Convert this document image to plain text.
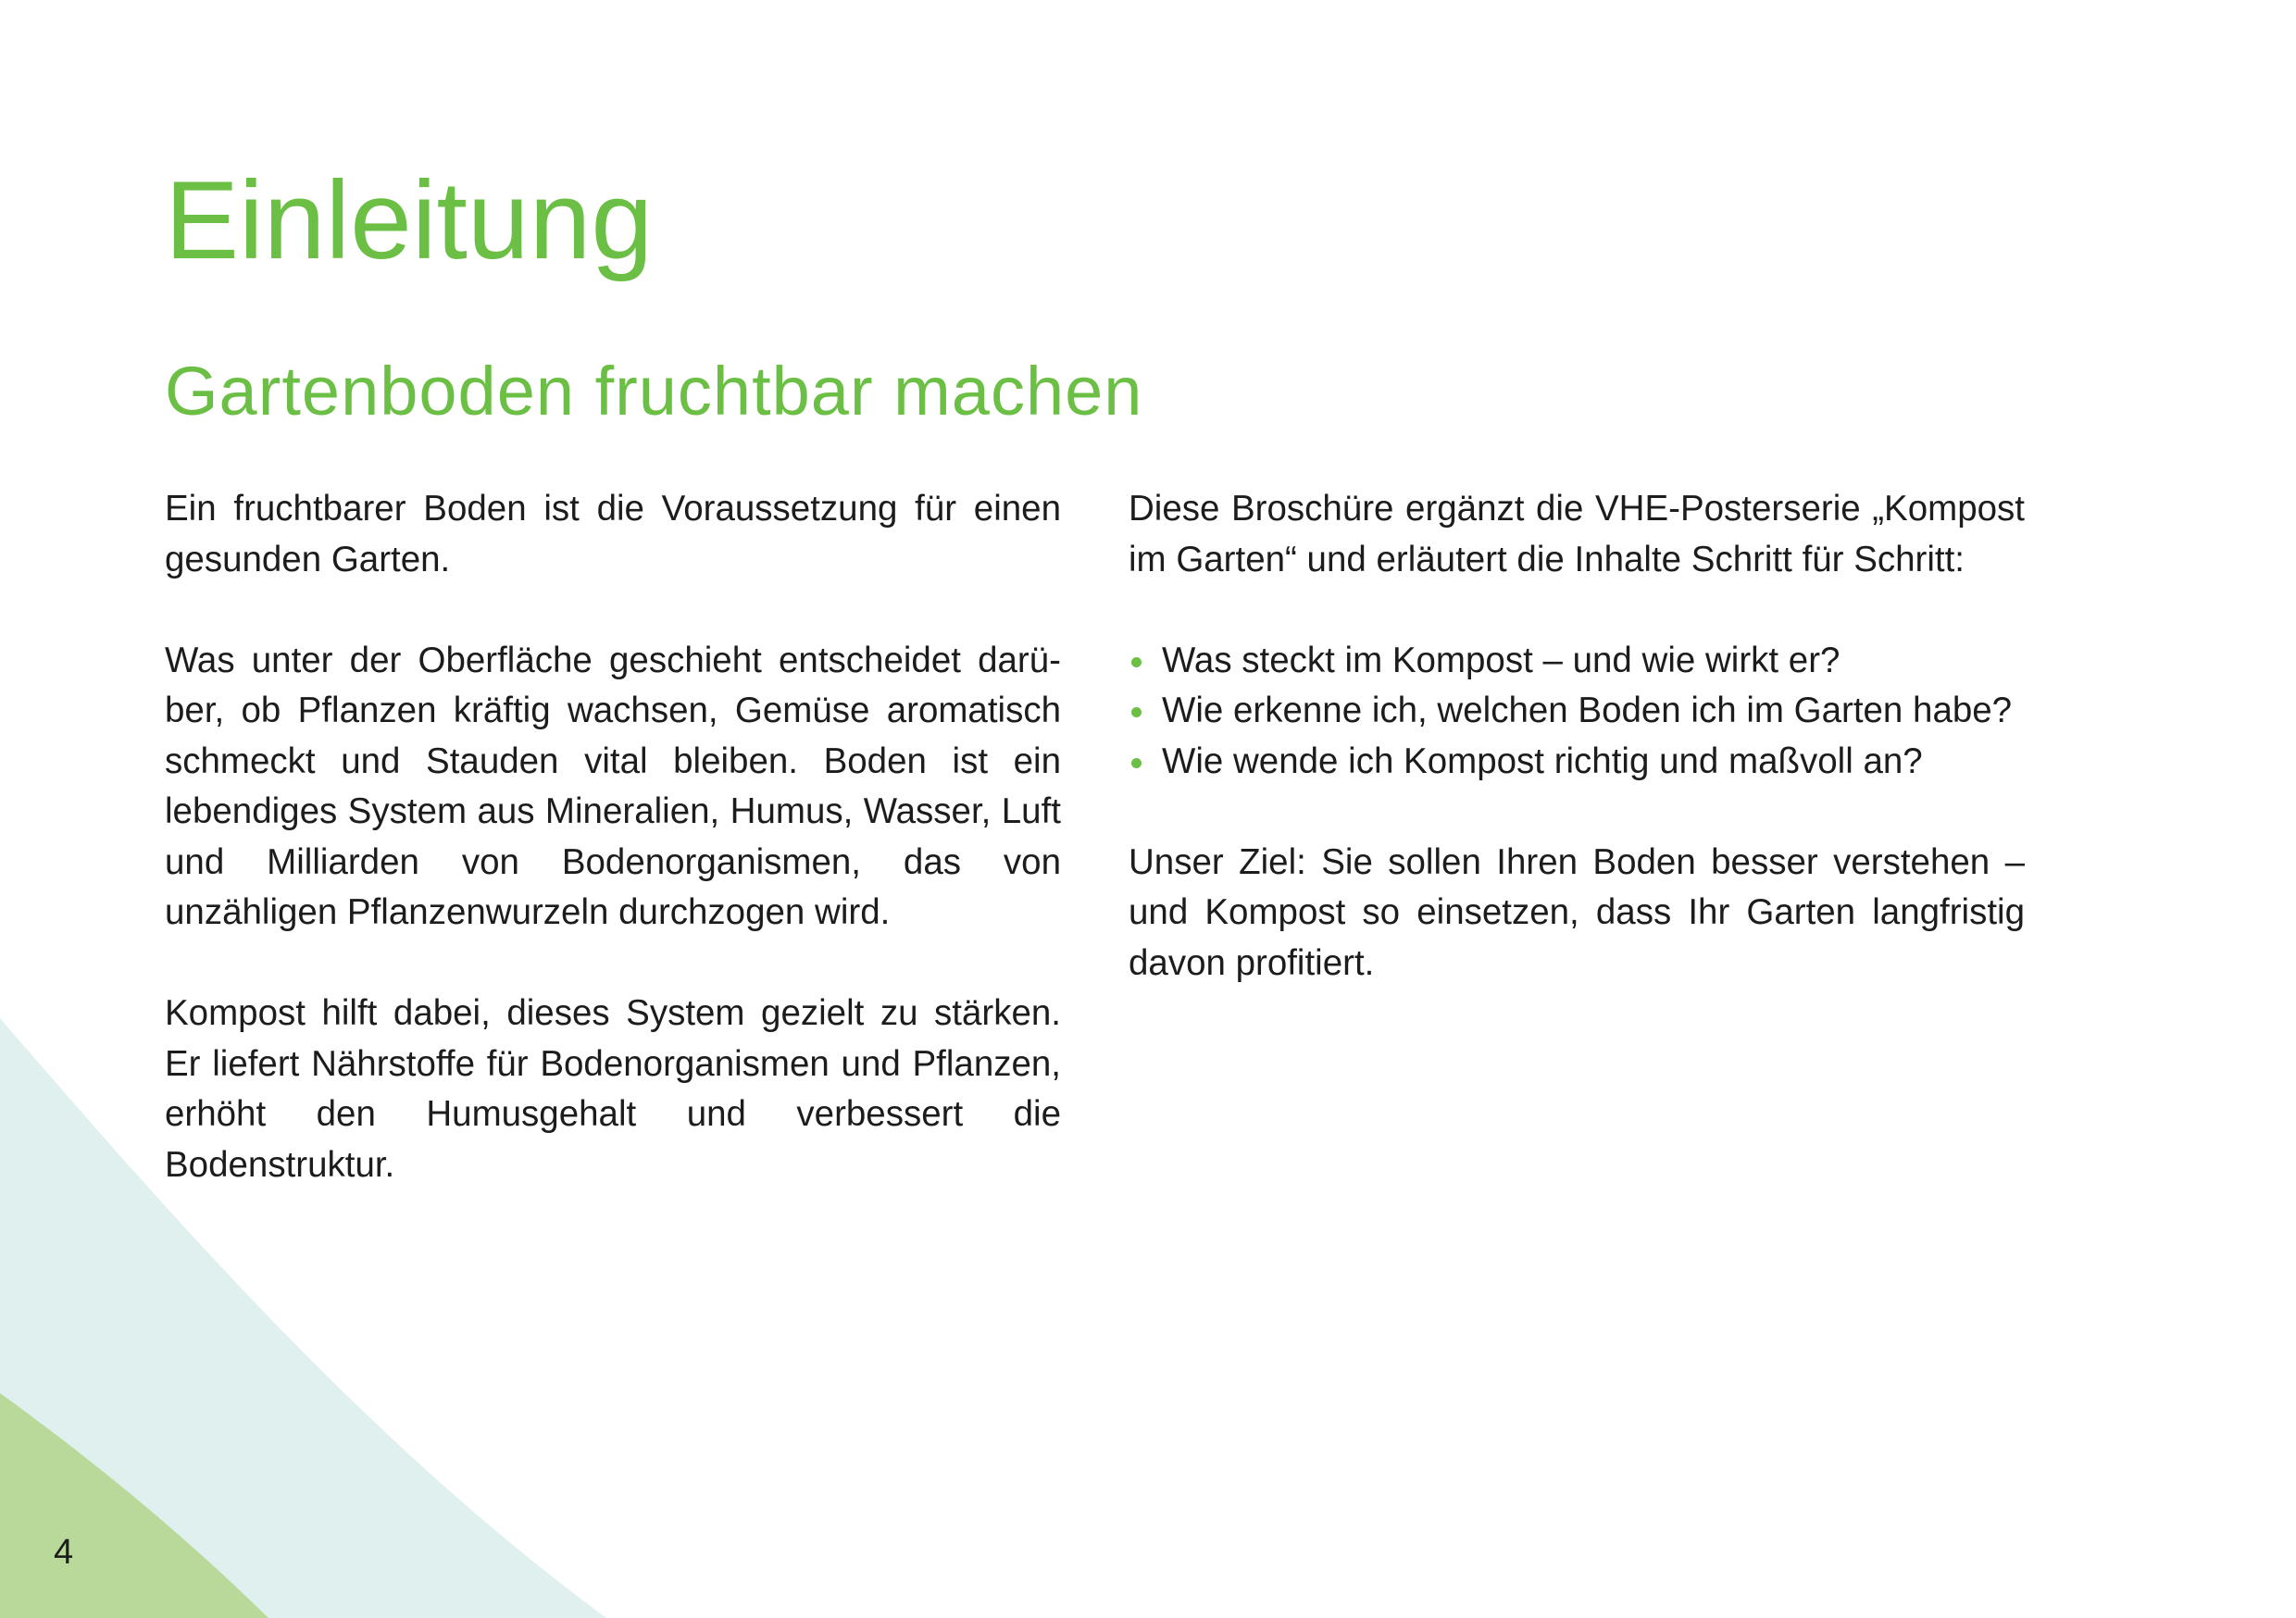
Einleitung
Gartenboden fruchtbar machen

Ein fruchtbarer Boden ist die Voraussetzung für einen gesunden Garten.

Was unter der Oberfläche geschieht entscheidet darüber, ob Pflanzen kräftig wachsen, Gemüse aromatisch schmeckt und Stauden vital bleiben. Boden ist ein lebendiges System aus Mineralien, Humus, Wasser, Luft und Milliarden von Bodenorganismen, das von unzähligen Pflanzenwurzeln durchzogen wird.

Kompost hilft dabei, dieses System gezielt zu stärken. Er liefert Nährstoffe für Bodenorganismen und Pflanzen, erhöht den Humusgehalt und verbessert die Bodenstruktur.

Diese Broschüre ergänzt die VHE-Posterserie „Kompost im Garten“ und erläutert die Inhalte Schritt für Schritt:

Was steckt im Kompost – und wie wirkt er?
Wie erkenne ich, welchen Boden ich im Garten habe?
Wie wende ich Kompost richtig und maßvoll an?

Unser Ziel: Sie sollen Ihren Boden besser verstehen – und Kompost so einsetzen, dass Ihr Garten langfristig davon profitiert.

4
